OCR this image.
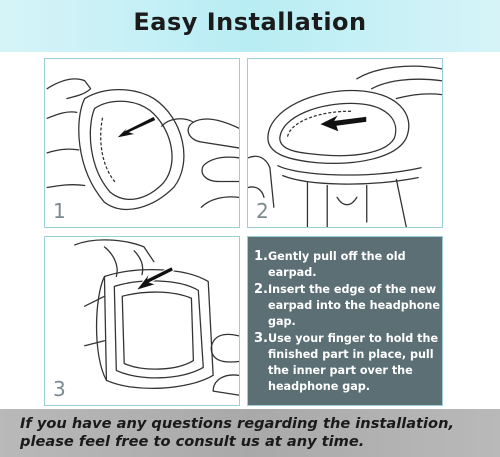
Easy Installation
1	2
3
1. Gently pull off the old earpad.
2. Insert the edge of the new earpad into the headphone gap.
3. Use your finger to hold the finished part in place, pull the inner part over the headphone gap.
If you have any questions regarding the installation,
please feel free to consult us at any time.
